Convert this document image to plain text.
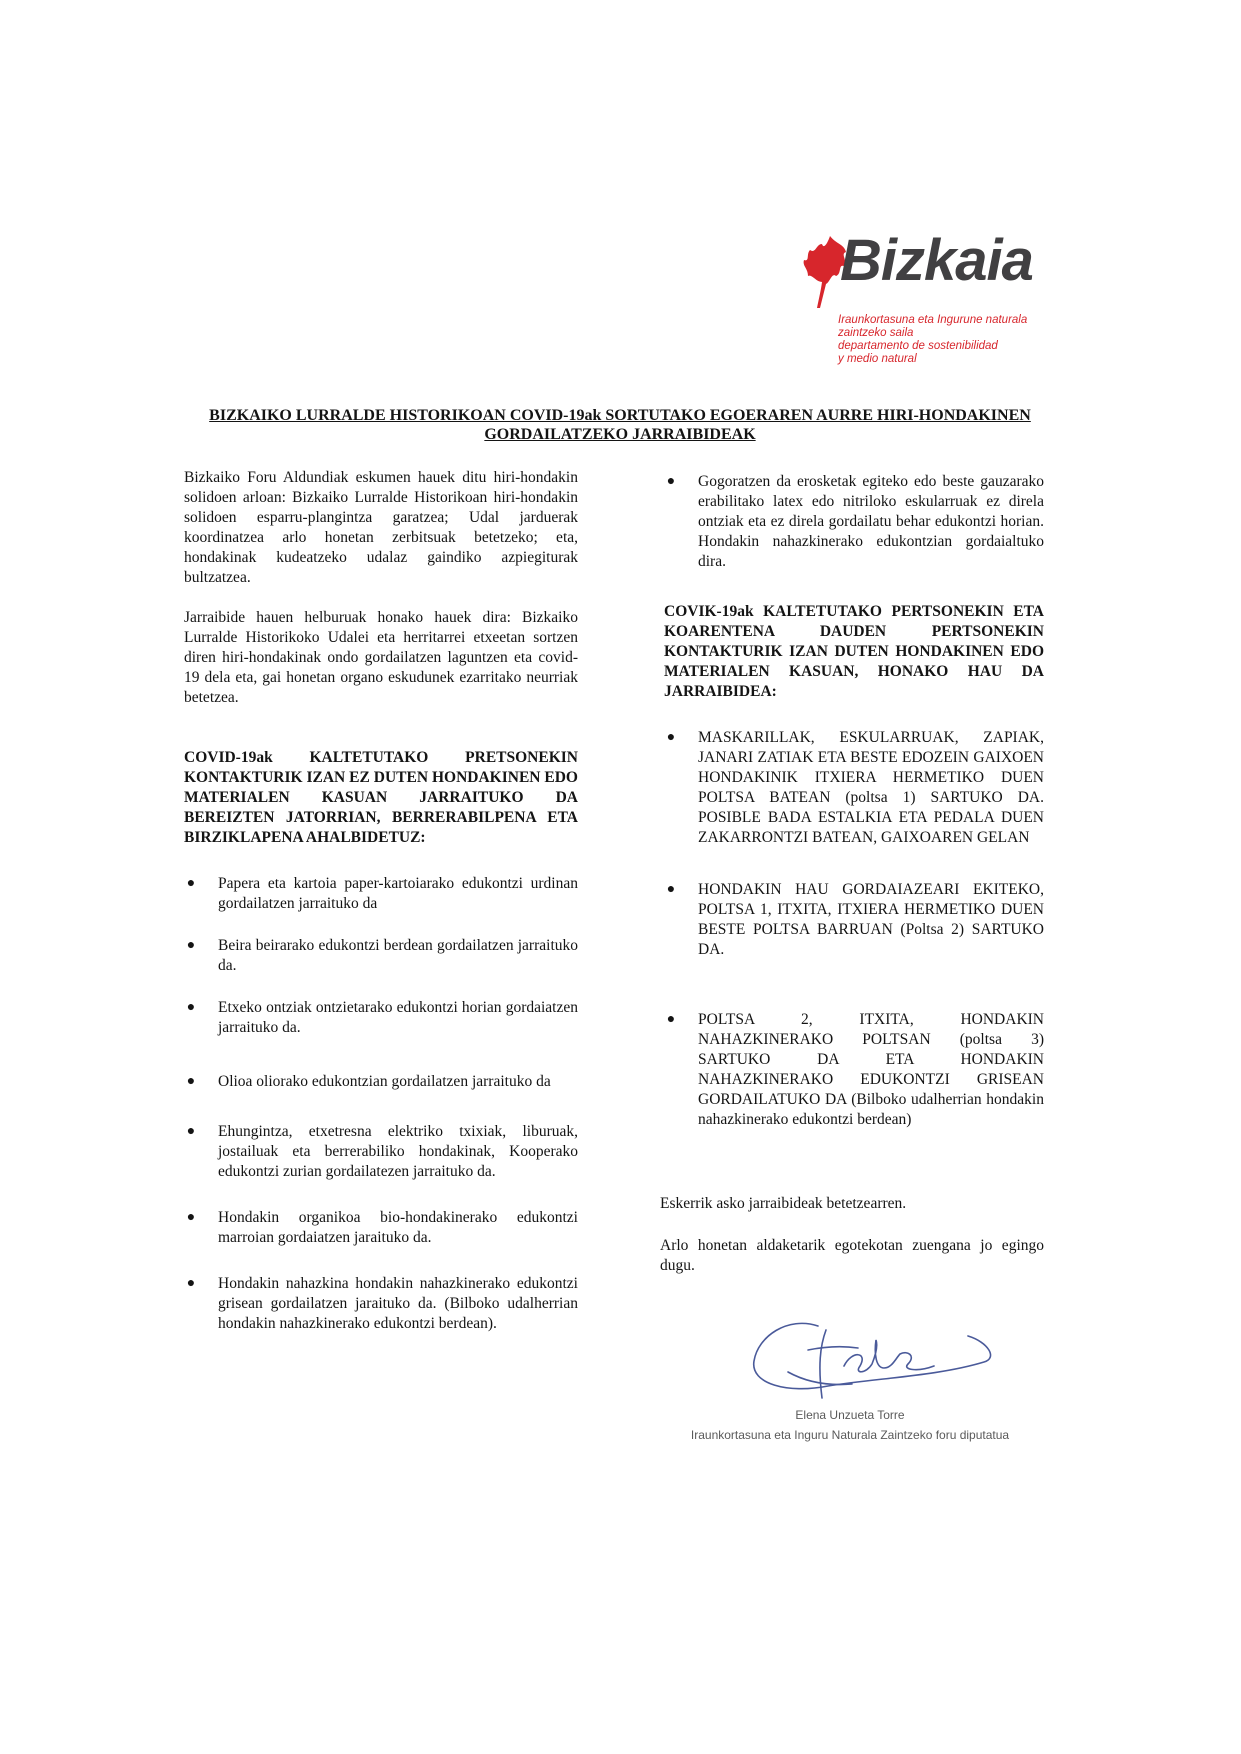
Bizkaia
Iraunkortasuna eta Ingurune naturala
zaintzeko saila
departamento de sostenibilidad
y medio natural
BIZKAIKO LURRALDE HISTORIKOAN COVID-19ak SORTUTAKO EGOERAREN AURRE HIRI-HONDAKINEN GORDAILATZEKO JARRAIBIDEAK

Bizkaiko Foru Aldundiak eskumen hauek ditu hiri-hondakin solidoen arloan: Bizkaiko Lurralde Historikoan hiri-hondakin solidoen esparru-plangintza garatzea; Udal jarduerak koordinatzea arlo honetan zerbitsuak betetzeko; eta, hondakinak kudeatzeko udalaz gaindiko azpiegiturak bultzatzea.

Jarraibide hauen helburuak honako hauek dira: Bizkaiko Lurralde Historikoko Udalei eta herritarrei etxeetan sortzen diren hiri-hondakinak ondo gordailatzen laguntzen eta covid-19 dela eta, gai honetan organo eskudunek ezarritako neurriak betetzea.

COVID-19ak KALTETUTAKO PRETSONEKIN KONTAKTURIK IZAN EZ DUTEN HONDAKINEN EDO MATERIALEN KASUAN JARRAITUKO DA BEREIZTEN JATORRIAN, BERRERABILPENA ETA BIRZIKLAPENA AHALBIDETUZ:

● Papera eta kartoia paper-kartoiarako edukontzi urdinan gordailatzen jarraituko da
● Beira beirarako edukontzi berdean gordailatzen jarraituko da.
● Etxeko ontziak ontzietarako edukontzi horian gordaiatzen jarraituko da.
● Olioa oliorako edukontzian gordailatzen jarraituko da
● Ehungintza, etxetresna elektriko txixiak, liburuak, jostailuak eta berrerabiliko hondakinak, Kooperako edukontzi zurian gordailatezen jarraituko da.
● Hondakin organikoa bio-hondakinerako edukontzi marroian gordaiatzen jaraituko da.
● Hondakin nahazkina hondakin nahazkinerako edukontzi grisean gordailatzen jaraituko da. (Bilboko udalherrian hondakin nahazkinerako edukontzi berdean).
● Gogoratzen da erosketak egiteko edo beste gauzarako erabilitako latex edo nitriloko eskularruak ez direla ontziak eta ez direla gordailatu behar edukontzi horian. Hondakin nahazkinerako edukontzian gordaialtuko dira.

COVIK-19ak KALTETUTAKO PERTSONEKIN ETA KOARENTENA DAUDEN PERTSONEKIN KONTAKTURIK IZAN DUTEN HONDAKINEN EDO MATERIALEN KASUAN, HONAKO HAU DA JARRAIBIDEA:

● MASKARILLAK, ESKULARRUAK, ZAPIAK, JANARI ZATIAK ETA BESTE EDOZEIN GAIXOEN HONDAKINIK ITXIERA HERMETIKO DUEN POLTSA BATEAN (poltsa 1) SARTUKO DA. POSIBLE BADA ESTALKIA ETA PEDALA DUEN ZAKARRONTZI BATEAN, GAIXOAREN GELAN
● HONDAKIN HAU GORDAIAZEARI EKITEKO, POLTSA 1, ITXITA, ITXIERA HERMETIKO DUEN BESTE POLTSA BARRUAN (Poltsa 2) SARTUKO DA.
● POLTSA 2, ITXITA, HONDAKIN NAHAZKINERAKO POLTSAN (poltsa 3) SARTUKO DA ETA HONDAKIN NAHAZKINERAKO EDUKONTZI GRISEAN GORDAILATUKO DA (Bilboko udalherrian hondakin nahazkinerako edukontzi berdean)

Eskerrik asko jarraibideak betetzearren.

Arlo honetan aldaketarik egotekotan zuengana jo egingo dugu.

Elena Unzueta Torre
Iraunkortasuna eta Inguru Naturala Zaintzeko foru diputatua
